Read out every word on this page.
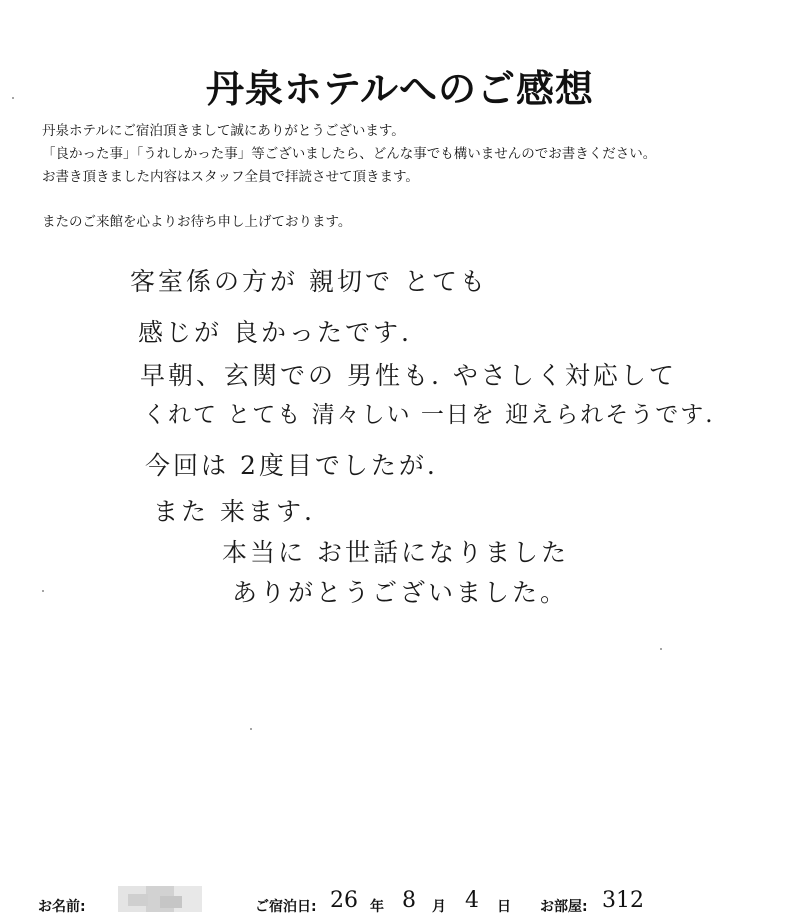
丹泉ホテルへのご感想
丹泉ホテルにご宿泊頂きまして誠にありがとうございます。
「良かった事」「うれしかった事」等ございましたら、どんな事でも構いませんのでお書きください。
お書き頂きました内容はスタッフ全員で拝読させて頂きます。
またのご来館を心よりお待ち申し上げております。
客室係の方が 親切で とても
感じが 良かったです.
早朝、玄関での 男性も. やさしく対応して
くれて とても 清々しい 一日を 迎えられそうです.
今回は 2度目でしたが.
また 来ます.
本当に お世話になりました
ありがとうございました。
お名前:	ご宿泊日: 26 年 8 月 4 日 お部屋: 312
